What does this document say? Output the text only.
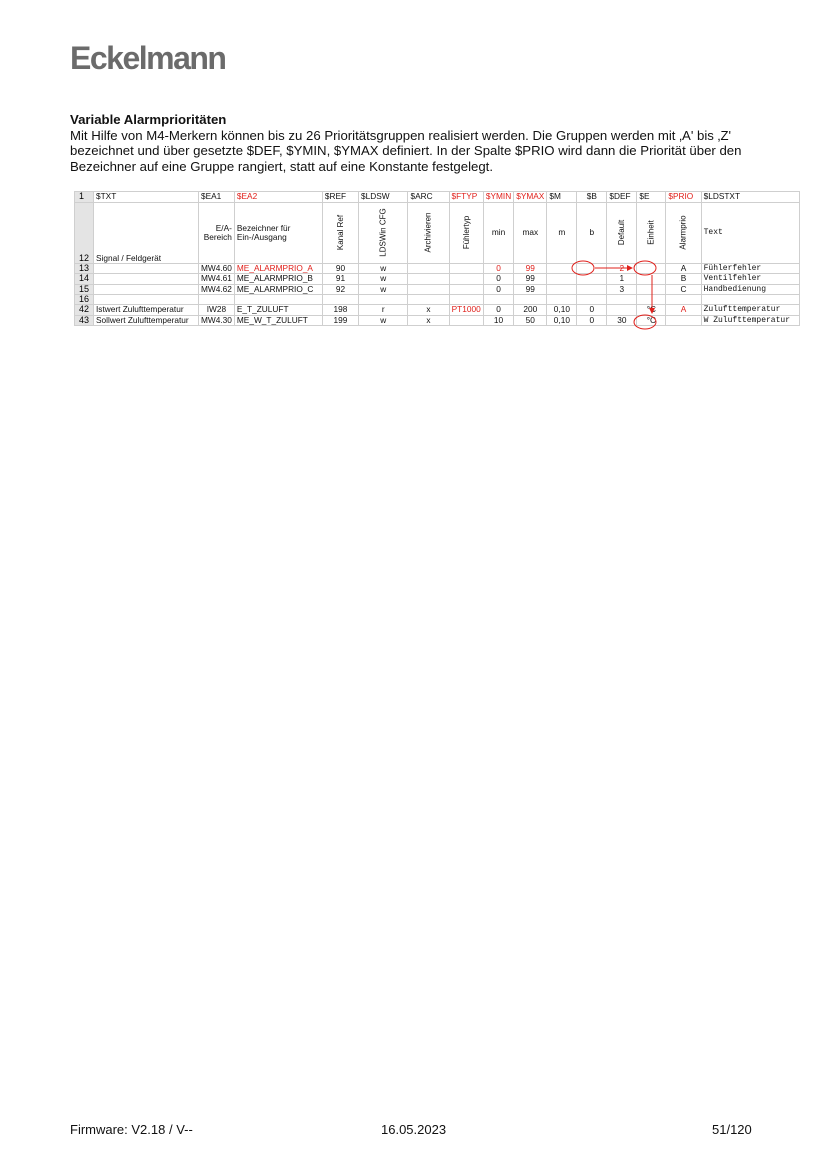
Eckelmann
Variable Alarmprioritäten

Mit Hilfe von M4-Merkern können bis zu 26 Prioritätsgruppen realisiert werden. Die Gruppen werden mit ‚A' bis ‚Z' bezeichnet und über gesetzte $DEF, $YMIN, $YMAX definiert. In der Spalte $PRIO wird dann die Priorität über den Bezeichner auf eine Gruppe rangiert, statt auf eine Konstante festgelegt.

1	$TXT	$EA1	$EA2	$REF	$LDSW	$ARC	$FTYP	$YMIN	$YMAX	$M	$B	$DEF	$E	$PRIO	$LDSTXT
12	Signal / Feldgerät	E/A-Bereich	Bezeichner für Ein-/Ausgang	Kanal Ref	LDSWin CFG	Archivieren	Fühlertyp	min	max	m	b	Default	Einheit	Alarmprio	Text
13		MW4.60	ME_ALARMPRIO_A	90	w			0	99			2		A	Fühlerfehler
14		MW4.61	ME_ALARMPRIO_B	91	w			0	99			1		B	Ventilfehler
15		MW4.62	ME_ALARMPRIO_C	92	w			0	99			3		C	Handbedienung
16															
42	Istwert Zulufttemperatur	IW28	E_T_ZULUFT	198	r	x	PT1000	0	200	0,10	0		°C	A	Zulufttemperatur
43	Sollwert Zulufttemperatur	MW4.30	ME_W_T_ZULUFT	199	w	x		10	50	0,10	0	30	°C		W Zulufttemperatur
Firmware: V2.18 / V--	16.05.2023	51/120
